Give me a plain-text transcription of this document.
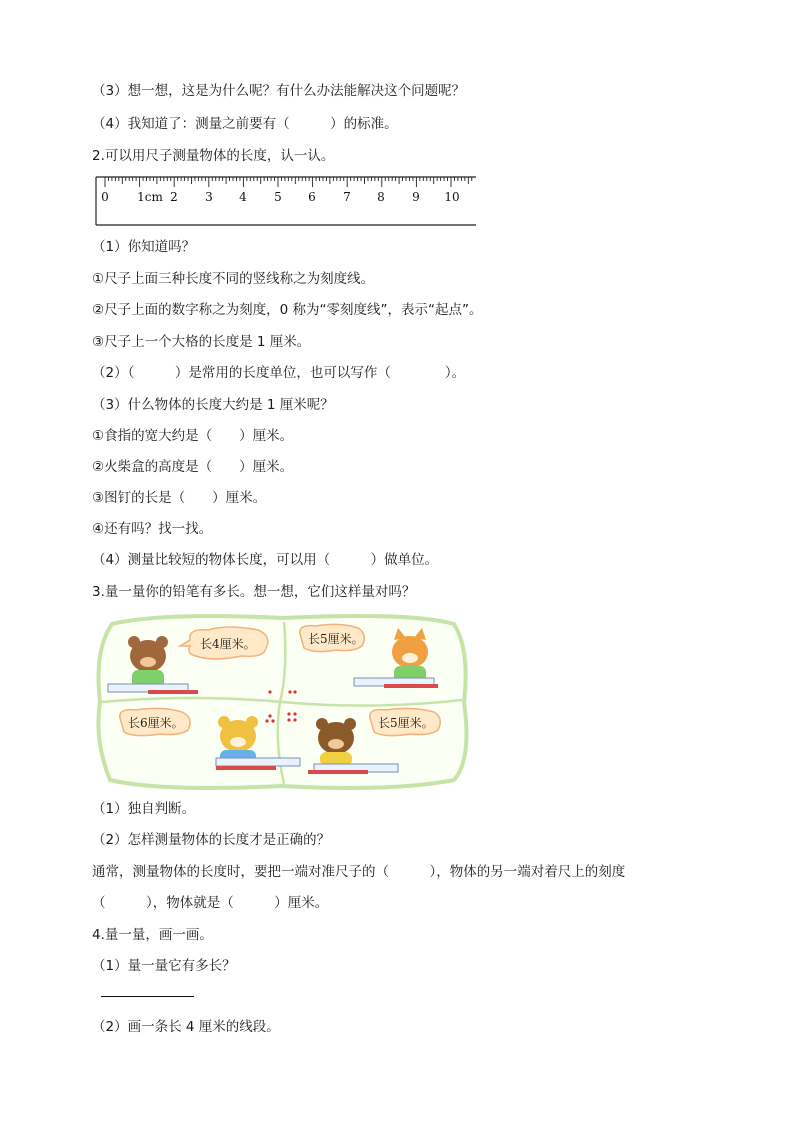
（3）想一想，这是为什么呢？有什么办法能解决这个问题呢？
（4）我知道了：测量之前要有（　　　）的标准。
2.可以用尺子测量物体的长度，认一认。
0 1cm 2 3 4 5 6 7 8 9 10
（1）你知道吗？
①尺子上面三种长度不同的竖线称之为刻度线。
②尺子上面的数字称之为刻度，0 称为“零刻度线”，表示“起点”。
③尺子上一个大格的长度是 1 厘米。
（2）（　　　）是常用的长度单位，也可以写作（　　　　）。
（3）什么物体的长度大约是 1 厘米呢？
①食指的宽大约是（　　）厘米。
②火柴盒的高度是（　　）厘米。
③图钉的长是（　　）厘米。
④还有吗？找一找。
（4）测量比较短的物体长度，可以用（　　　）做单位。
3.量一量你的铅笔有多长。想一想，它们这样量对吗？
长4厘米。	长5厘米。
长6厘米。	长5厘米。
（1）独自判断。
（2）怎样测量物体的长度才是正确的？
通常，测量物体的长度时，要把一端对准尺子的（　　　），物体的另一端对着尺上的刻度
（　　　），物体就是（　　　）厘米。
4.量一量，画一画。
（1）量一量它有多长？
（2）画一条长 4 厘米的线段。
